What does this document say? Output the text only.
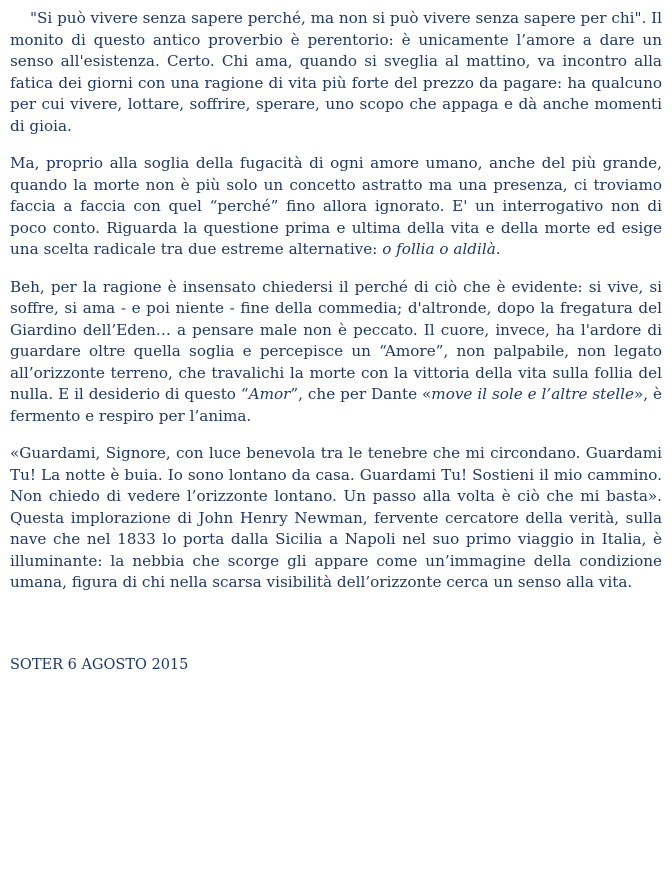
"Si può vivere senza sapere perché, ma non si può vivere senza sapere per chi". Il monito di questo antico proverbio è perentorio: è unicamente l’amore a dare un senso all'esistenza. Certo. Chi ama, quando si sveglia al mattino, va incontro alla fatica dei giorni con una ragione di vita più forte del prezzo da pagare: ha qualcuno per cui vivere, lottare, soffrire, sperare, uno scopo che appaga e dà anche momenti di gioia.

Ma, proprio alla soglia della fugacità di ogni amore umano, anche del più grande, quando la morte non è più solo un concetto astratto ma una presenza, ci troviamo faccia a faccia con quel “perché” fino allora ignorato. E' un interrogativo non di poco conto. Riguarda la questione prima e ultima della vita e della morte ed esige una scelta radicale tra due estreme alternative: o follia o aldilà.

Beh, per la ragione è insensato chiedersi il perché di ciò che è evidente: si vive, si soffre, si ama - e poi niente - fine della commedia; d'altronde, dopo la fregatura del Giardino dell’Eden… a pensare male non è peccato. Il cuore, invece, ha l'ardore di guardare oltre quella soglia e percepisce un “Amore”, non palpabile, non legato all’orizzonte terreno, che travalichi la morte con la vittoria della vita sulla follia del nulla. E il desiderio di questo “Amor”, che per Dante «move il sole e l’altre stelle», è fermento e respiro per l’anima.

«Guardami, Signore, con luce benevola tra le tenebre che mi circondano. Guardami Tu! La notte è buia. Io sono lontano da casa. Guardami Tu! Sostieni il mio cammino. Non chiedo di vedere l’orizzonte lontano. Un passo alla volta è ciò che mi basta». Questa implorazione di John Henry Newman, fervente cercatore della verità, sulla nave che nel 1833 lo porta dalla Sicilia a Napoli nel suo primo viaggio in Italia, è illuminante: la nebbia che scorge gli appare come un’immagine della condizione umana, figura di chi nella scarsa visibilità dell’orizzonte cerca un senso alla vita.

SOTER 6 AGOSTO 2015
